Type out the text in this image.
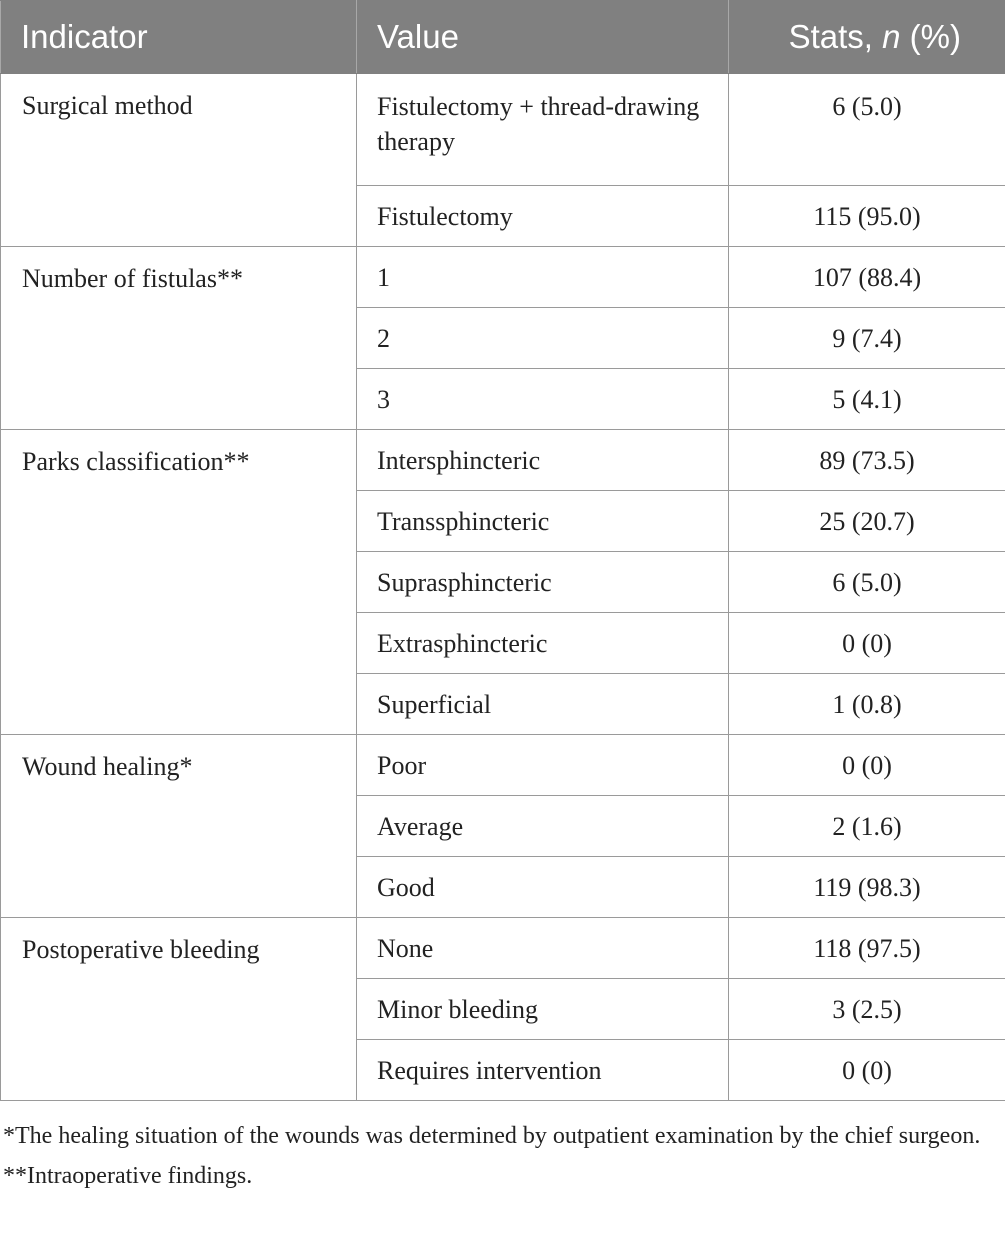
Indicator	Value	Stats, n (%)
Surgical method	Fistulectomy + thread-drawing therapy	6 (5.0)
	Fistulectomy	115 (95.0)
Number of fistulas**	1	107 (88.4)
	2	9 (7.4)
	3	5 (4.1)
Parks classification**	Intersphincteric	89 (73.5)
	Transsphincteric	25 (20.7)
	Suprasphincteric	6 (5.0)
	Extrasphincteric	0 (0)
	Superficial	1 (0.8)
Wound healing*	Poor	0 (0)
	Average	2 (1.6)
	Good	119 (98.3)
Postoperative bleeding	None	118 (97.5)
	Minor bleeding	3 (2.5)
	Requires intervention	0 (0)

*The healing situation of the wounds was determined by outpatient examination by the chief surgeon.

**Intraoperative findings.
